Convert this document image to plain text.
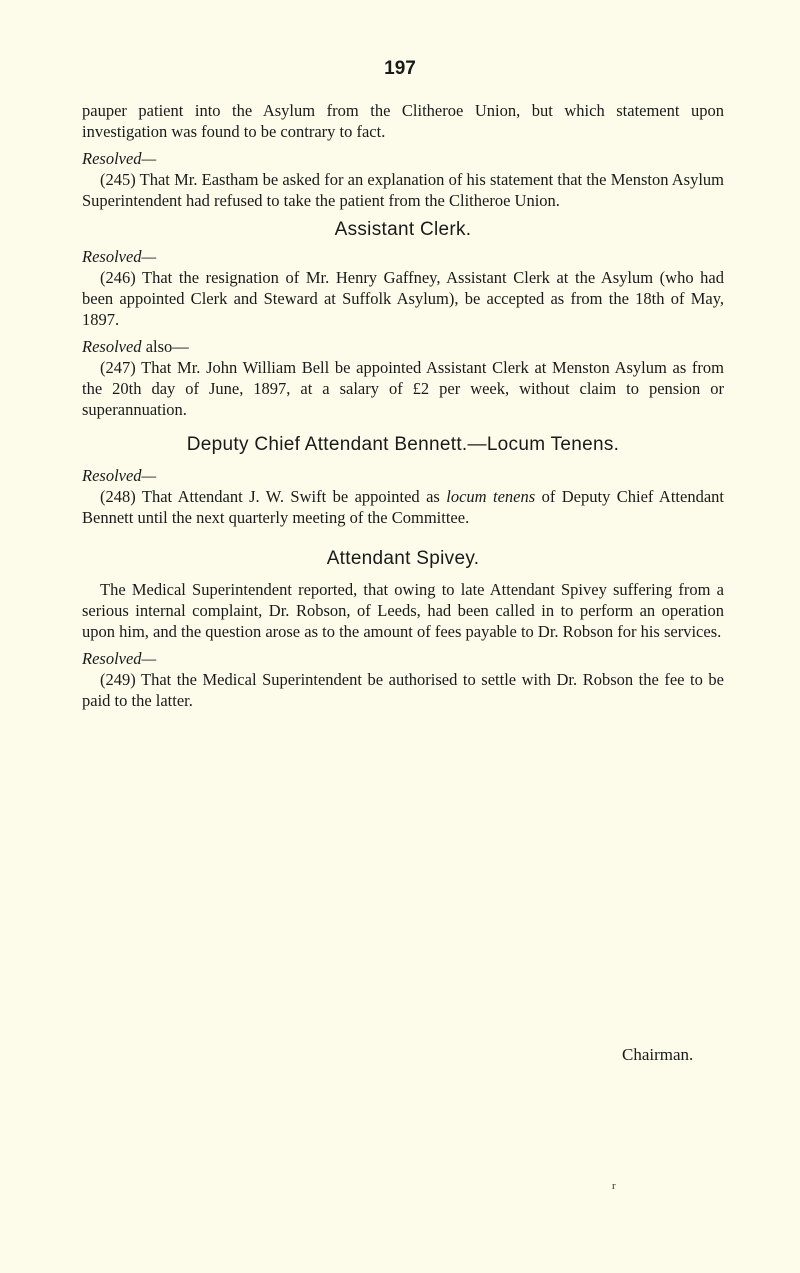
197

pauper patient into the Asylum from the Clitheroe Union, but which statement upon investigation was found to be contrary to fact.

Resolved—

(245) That Mr. Eastham be asked for an explanation of his statement that the Menston Asylum Superintendent had refused to take the patient from the Clitheroe Union.

Assistant Clerk.

Resolved—

(246) That the resignation of Mr. Henry Gaffney, Assistant Clerk at the Asylum (who had been appointed Clerk and Steward at Suffolk Asylum), be accepted as from the 18th of May, 1897.

Resolved also—

(247) That Mr. John William Bell be appointed Assistant Clerk at Menston Asylum as from the 20th day of June, 1897, at a salary of £2 per week, without claim to pension or superannuation.

Deputy Chief Attendant Bennett.—Locum Tenens.

Resolved—

(248) That Attendant J. W. Swift be appointed as locum tenens of Deputy Chief Attendant Bennett until the next quarterly meeting of the Committee.

Attendant Spivey.

The Medical Superintendent reported, that owing to late Attendant Spivey suffering from a serious internal complaint, Dr. Robson, of Leeds, had been called in to perform an operation upon him, and the question arose as to the amount of fees payable to Dr. Robson for his services.

Resolved—

(249) That the Medical Superintendent be authorised to settle with Dr. Robson the fee to be paid to the latter.

Chairman.
r
